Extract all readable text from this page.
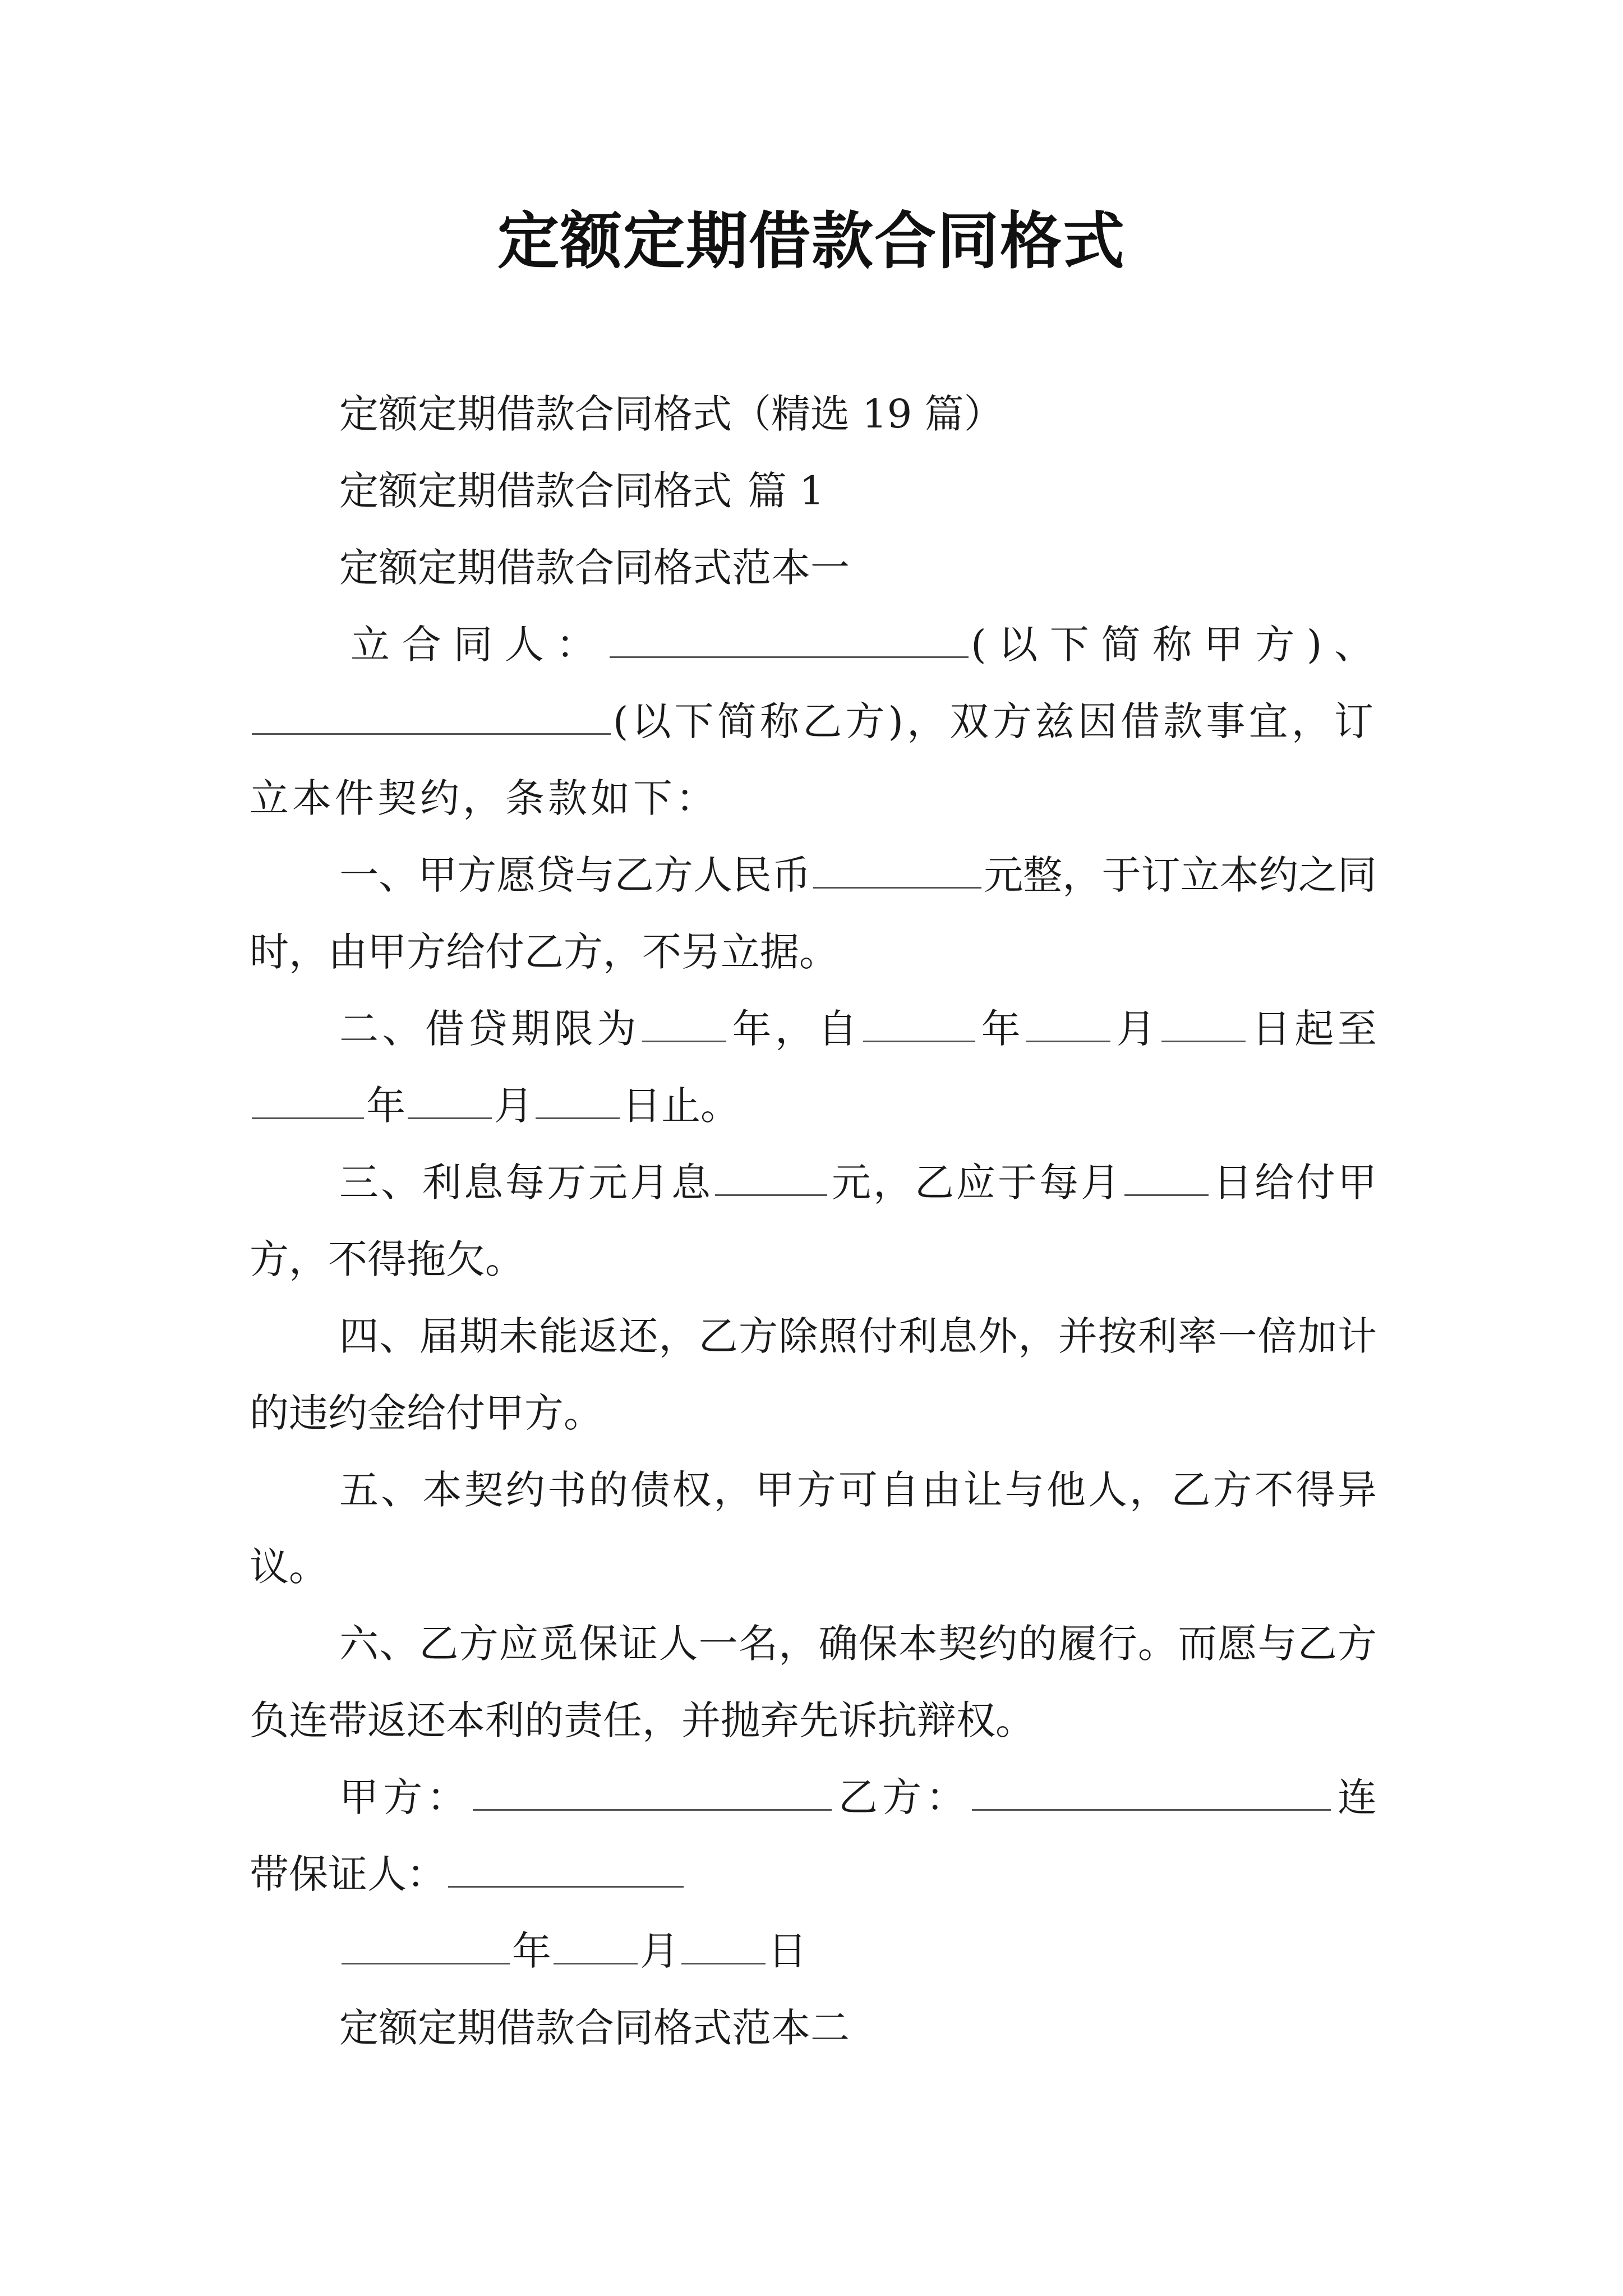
定额定期借款合同格式

定额定期借款合同格式（精选 19 篇）

定额定期借款合同格式 篇 1

定额定期借款合同格式范本一

立合同人：	(以下简称甲方)、(以下简称乙方)，双方兹因借款事宜，订立本件契约，条款如下：

一、甲方愿贷与乙方人民币	元整，于订立本约之同时，由甲方给付乙方，不另立据。

二、借贷期限为 年，自	年 月 日起至年 月 日止。

三、利息每万元月息	元，乙应于每月 日给付甲方，不得拖欠。

四、届期未能返还，乙方除照付利息外，并按利率一倍加计的违约金给付甲方。

五、本契约书的债权，甲方可自由让与他人，乙方不得异议。

六、乙方应觅保证人一名，确保本契约的履行。而愿与乙方负连带返还本利的责任，并抛弃先诉抗辩权。

甲方：	乙方：	连带保证人：

年 月 日

定额定期借款合同格式范本二
